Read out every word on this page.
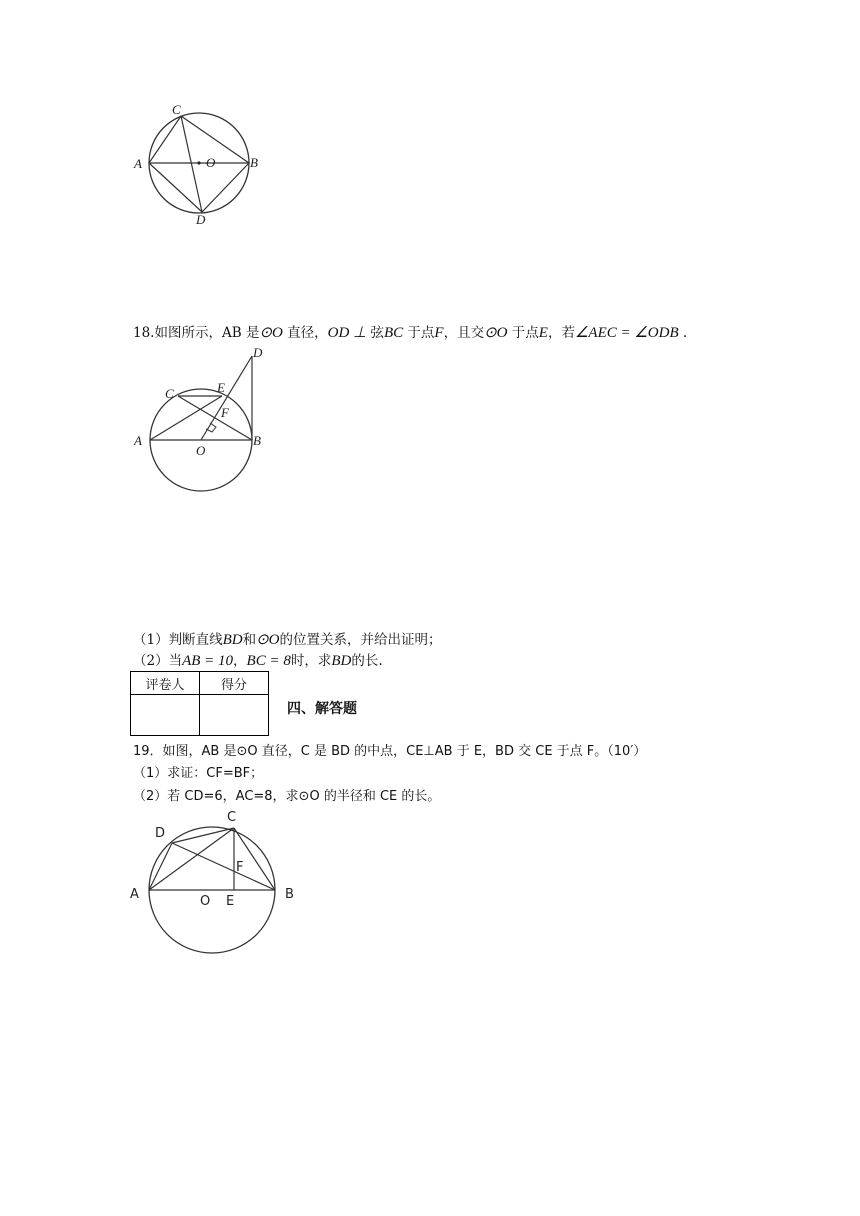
A	B
C
D
O
18.如图所示，AB 是⊙O 直径，OD ⊥ 弦BC 于点F，且交⊙O 于点E，若∠AEC = ∠ODB .
A	B
C
D
E
F
O
（1）判断直线BD和⊙O的位置关系，并给出证明；
（2）当AB = 10，BC = 8时，求BD的长.
评卷人	得分

四、解答题
19．如图，AB 是⊙O 直径，C 是 BD 的中点，CE⊥AB 于 E，BD 交 CE 于点 F。（10′）
（1）求证：CF=BF；
（2）若 CD=6，AC=8，求⊙O 的半径和 CE 的长。
A	B
C
D
E
F
O
